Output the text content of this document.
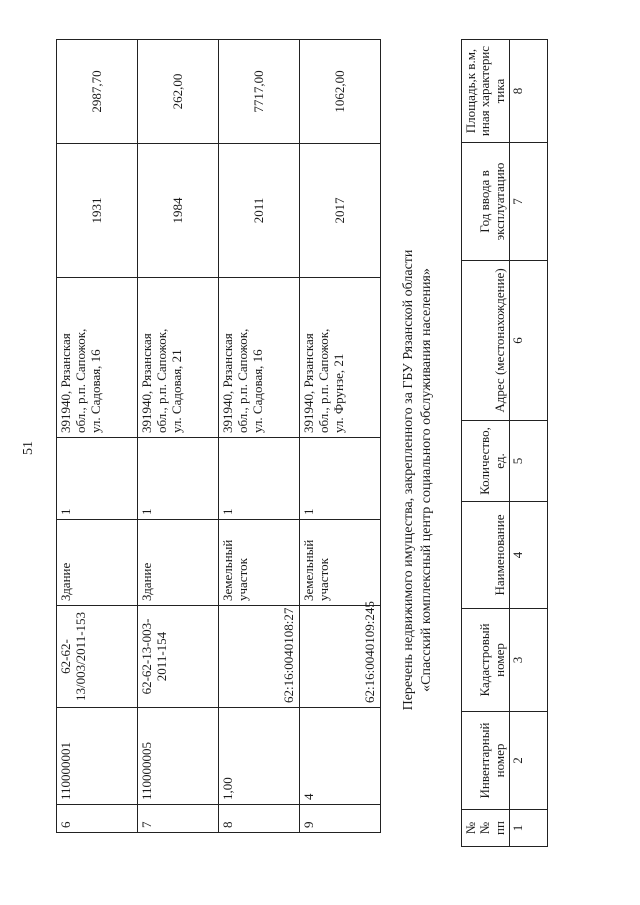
51
6	110000001	62-62-13/003/2011-153	Здание	1	391940, Рязанская обл., р.п. Сапожок, ул. Садовая, 16	1931	2987,70
7	110000005	62-62-13-003-2011-154	Здание	1	391940, Рязанская обл., р.п. Сапожок, ул. Садовая, 21	1984	262,00
8	1,00	62:16:0040108:27	Земельный участок	1	391940, Рязанская обл., р.п. Сапожок, ул. Садовая, 16	2011	7717,00
9	4	62:16:0040109:245	Земельный участок	1	391940, Рязанская обл., р.п. Сапожок, ул. Фрунзе, 21	2017	1062,00
Перечень недвижимого имущества, закрепленного за ГБУ Рязанской области «Спасский комплексный центр социального обслуживания населения»
№ № пп	Инвентарный номер	Кадастровый номер	Наименование	Количество, ед.	Адрес (местонахождение)	Год ввода в эксплуатацию	Площадь,к в.м, иная характерис тика
1	2	3	4	5	6	7	8
